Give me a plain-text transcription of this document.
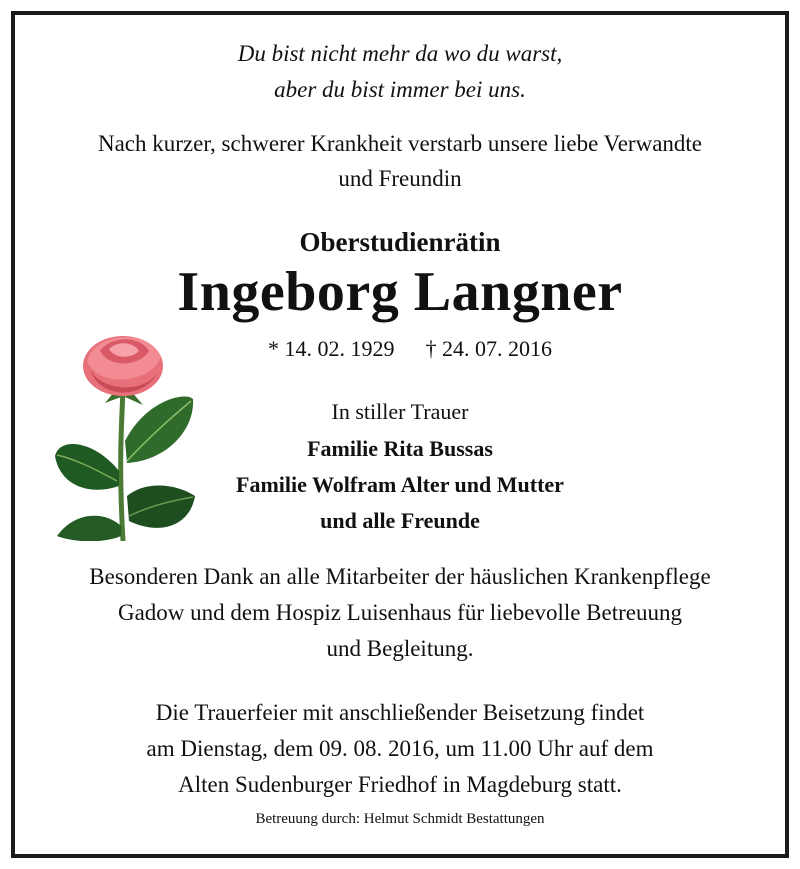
Du bist nicht mehr da wo du warst,
aber du bist immer bei uns.
Nach kurzer, schwerer Krankheit verstarb unsere liebe Verwandte
und Freundin
Oberstudienrätin
Ingeborg Langner
* 14. 02. 1929 † 24. 07. 2016
In stiller Trauer
Familie Rita Bussas
Familie Wolfram Alter und Mutter
und alle Freunde
Besonderen Dank an alle Mitarbeiter der häuslichen Krankenpflege
Gadow und dem Hospiz Luisenhaus für liebevolle Betreuung
und Begleitung.
Die Trauerfeier mit anschließender Beisetzung findet
am Dienstag, dem 09. 08. 2016, um 11.00 Uhr auf dem
Alten Sudenburger Friedhof in Magdeburg statt.
Betreuung durch: Helmut Schmidt Bestattungen
